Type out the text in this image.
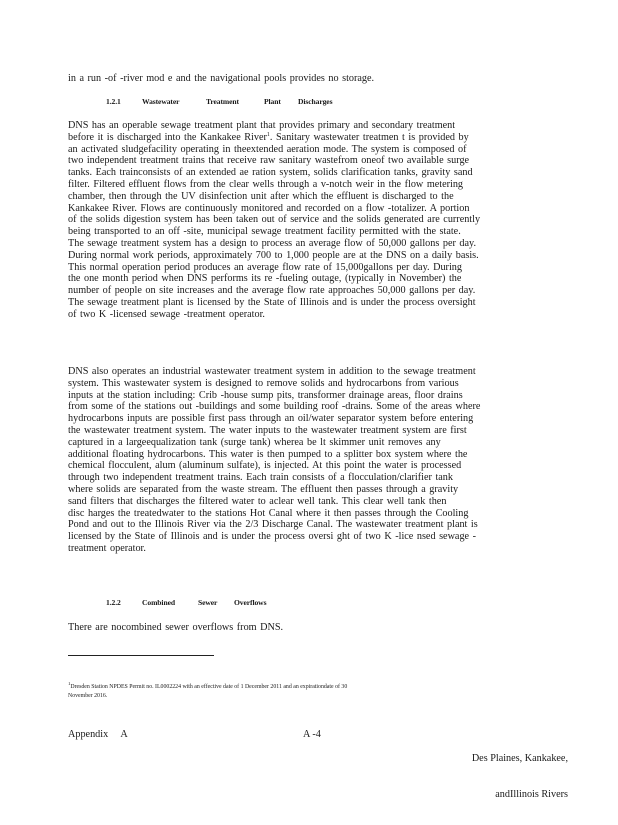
in a run -of -river mod e and the navigational pools provides no storage.
1.2.1	Wastewater	Treatment	Plant Discharges
DNS has an operable sewage treatment plant that provides primary and secondary treatment
before it is discharged into the Kankakee River$^1$. Sanitary wastewater treatmen t is provided by
an activated sludgefacility operating in theextended aeration mode. The system is composed of
two independent treatment trains that receive raw sanitary wastefrom oneof two available surge
tanks. Each trainconsists of an extended ae ration system, solids clarification tanks, gravity sand
filter. Filtered effluent flows from the clear wells through a v-notch weir in the flow metering
chamber, then through the UV disinfection unit after which the effluent is discharged to the
Kankakee River. Flows are continuously monitored and recorded on a flow -totalizer. A portion
of the solids digestion system has been taken out of service and the solids generated are currently
being transported to an off -site, municipal sewage treatment facility permitted with the state.
The sewage treatment system has a design to process an average flow of 50,000 gallons per day.
During normal work periods, approximately 700 to 1,000 people are at the DNS on a daily basis.
This normal operation period produces an average flow rate of 15,000gallons per day. During
the one month period when DNS performs its re -fueling outage, (typically in November) the
number of people on site increases and the average flow rate approaches 50,000 gallons per day.
The sewage treatment plant is licensed by the State of Illinois and is under the process oversight
of two K -licensed sewage -treatment operator.
DNS also operates an industrial wastewater treatment system in addition to the sewage treatment
system. This wastewater system is designed to remove solids and hydrocarbons from various
inputs at the station including: Crib -house sump pits, transformer drainage areas, floor drains
from some of the stations out -buildings and some building roof -drains. Some of the areas where
hydrocarbons inputs are possible first pass through an oil/water separator system before entering
the wastewater treatment system. The water inputs to the wastewater treatment system are first
captured in a largeequalization tank (surge tank) wherea be lt skimmer unit removes any
additional floating hydrocarbons. This water is then pumped to a splitter box system where the
chemical flocculent, alum (aluminum sulfate), is injected. At this point the water is processed
through two independent treatment trains. Each train consists of a flocculation/clarifier tank
where solids are separated from the waste stream. The effluent then passes through a gravity
sand filters that discharges the filtered water to aclear well tank. This clear well tank then
disc harges the treatedwater to the stations Hot Canal where it then passes through the Cooling
Pond and out to the Illinois River via the 2/3 Discharge Canal. The wastewater treatment plant is
licensed by the State of Illinois and is under the process oversi ght of two K -lice nsed sewage -
treatment operator.
1.2.2	Combined	Sewer Overflows
There are nocombined sewer overflows from DNS.
$^1$Dresden Station NPDES Permit no. IL0002224 with an effective date of 1 December 2011 and an expirationdate of 30
November 2016.
Appendix     A	A -4

Des Plaines, Kankakee,

andIllinois Rivers
